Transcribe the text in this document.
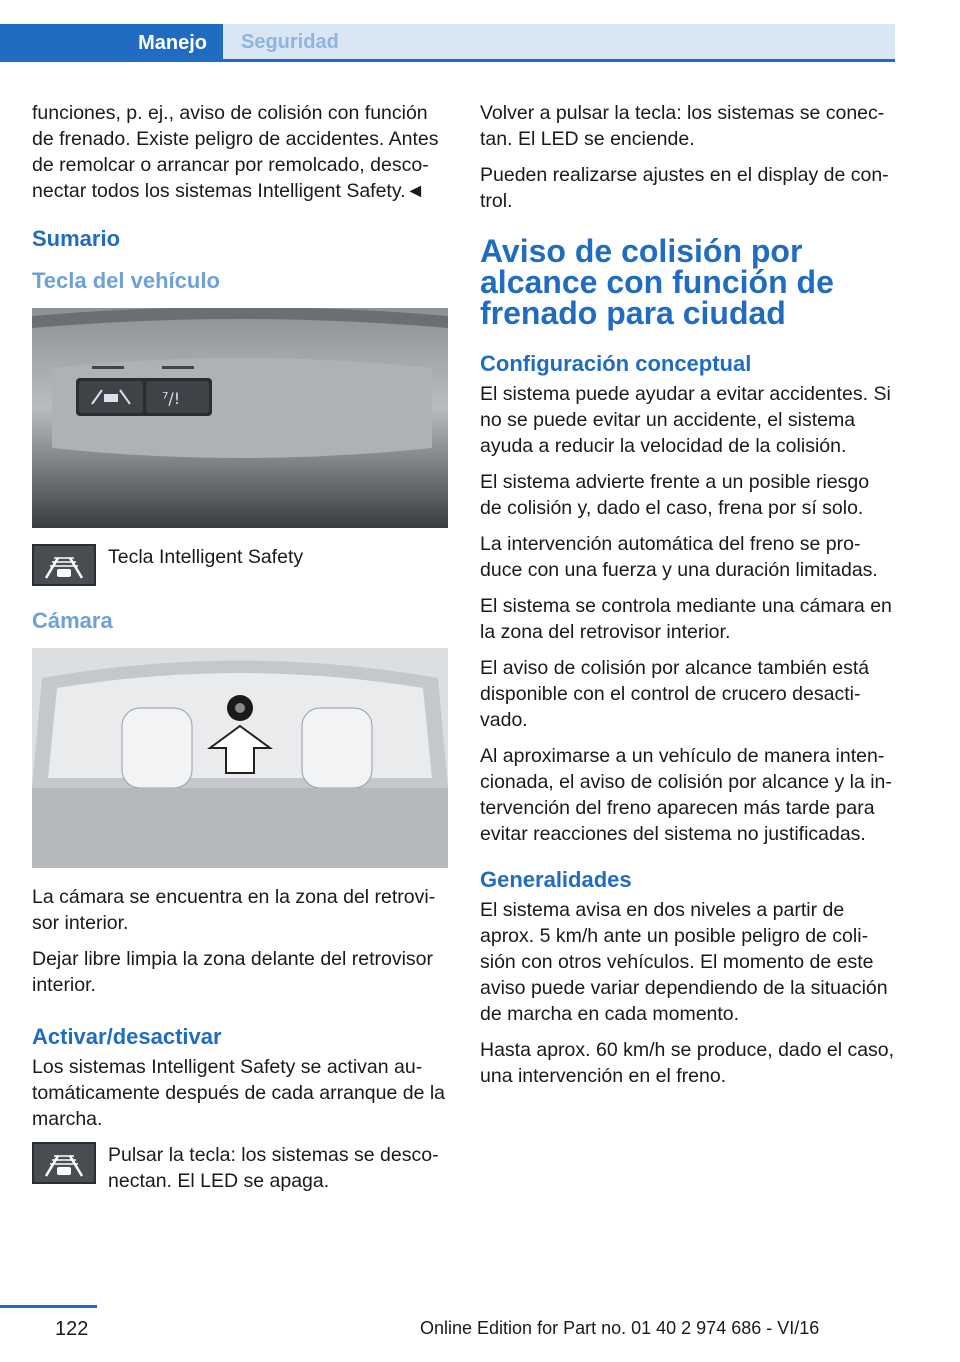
Manejo	Seguridad

funciones, p. ej., aviso de colisión con función de frenado. Existe peligro de accidentes. Antes de remolcar o arrancar por remolcado, desconectar todos los sistemas Intelligent Safety.◄

Sumario
Tecla del vehículo
⁷/!
Tecla Intelligent Safety
Cámara

La cámara se encuentra en la zona del retrovisor interior.

Dejar libre limpia la zona delante del retrovisor interior.

Activar/desactivar

Los sistemas Intelligent Safety se activan automáticamente después de cada arranque de la marcha.

Pulsar la tecla: los sistemas se desconectan. El LED se apaga.

Volver a pulsar la tecla: los sistemas se conectan. El LED se enciende.

Pueden realizarse ajustes en el display de control.

Aviso de colisión por alcance con función de frenado para ciudad
Configuración conceptual

El sistema puede ayudar a evitar accidentes. Si no se puede evitar un accidente, el sistema ayuda a reducir la velocidad de la colisión.

El sistema advierte frente a un posible riesgo de colisión y, dado el caso, frena por sí solo.

La intervención automática del freno se produce con una fuerza y una duración limitadas.

El sistema se controla mediante una cámara en la zona del retrovisor interior.

El aviso de colisión por alcance también está disponible con el control de crucero desactivado.

Al aproximarse a un vehículo de manera intencionada, el aviso de colisión por alcance y la intervención del freno aparecen más tarde para evitar reacciones del sistema no justificadas.

Generalidades

El sistema avisa en dos niveles a partir de aprox. 5 km/h ante un posible peligro de colisión con otros vehículos. El momento de este aviso puede variar dependiendo de la situación de marcha en cada momento.

Hasta aprox. 60 km/h se produce, dado el caso, una intervención en el freno.

122	Online Edition for Part no. 01 40 2 974 686 - VI/16
